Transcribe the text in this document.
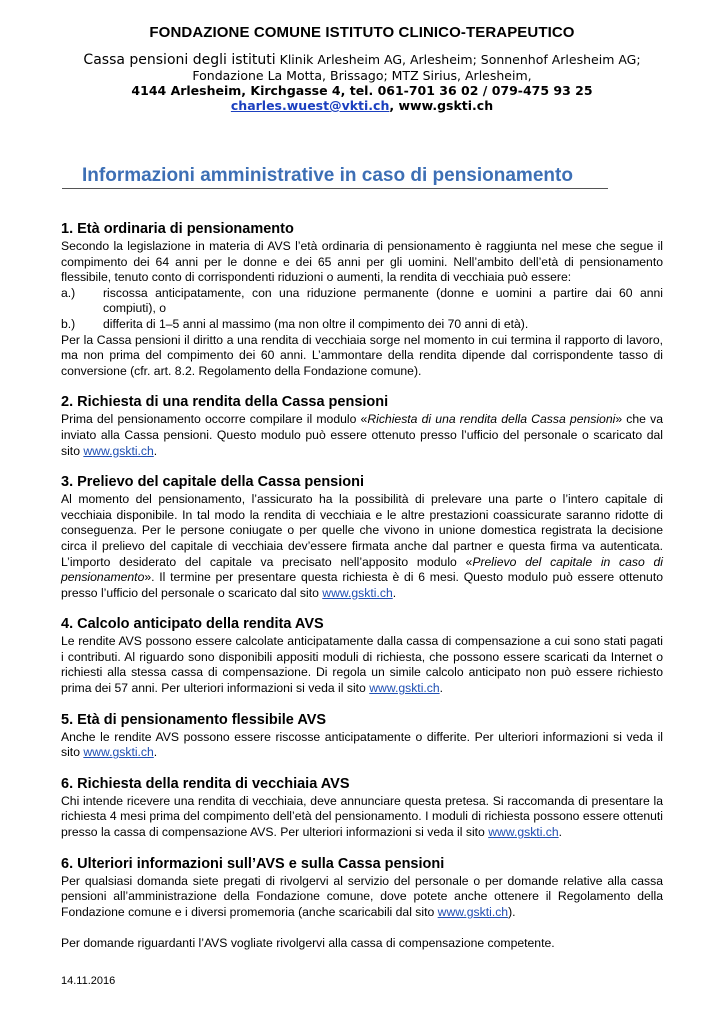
FONDAZIONE COMUNE ISTITUTO CLINICO-TERAPEUTICO
Cassa pensioni degli istituti Klinik Arlesheim AG, Arlesheim; Sonnenhof Arlesheim AG;
Fondazione La Motta, Brissago; MTZ Sirius, Arlesheim,
4144 Arlesheim, Kirchgasse 4, tel. 061-701 36 02 / 079-475 93 25
charles.wuest@vkti.ch, www.gskti.ch
Informazioni amministrative in caso di pensionamento
1. Età ordinaria di pensionamento

Secondo la legislazione in materia di AVS l’età ordinaria di pensionamento è raggiunta nel mese che segue il compimento dei 64 anni per le donne e dei 65 anni per gli uomini. Nell’ambito dell’età di pensionamento flessibile, tenuto conto di corrispondenti riduzioni o aumenti, la rendita di vecchiaia può essere:

a.)	riscossa anticipatamente, con una riduzione permanente (donne e uomini a partire dai 60 anni compiuti), o
b.)	differita di 1–5 anni al massimo (ma non oltre il compimento dei 70 anni di età).

Per la Cassa pensioni il diritto a una rendita di vecchiaia sorge nel momento in cui termina il rapporto di lavoro, ma non prima del compimento dei 60 anni. L’ammontare della rendita dipende dal corrispondente tasso di conversione (cfr. art. 8.2. Regolamento della Fondazione comune).

2. Richiesta di una rendita della Cassa pensioni

Prima del pensionamento occorre compilare il modulo «Richiesta di una rendita della Cassa pensioni» che va inviato alla Cassa pensioni. Questo modulo può essere ottenuto presso l’ufficio del personale o scaricato dal sito www.gskti.ch.

3. Prelievo del capitale della Cassa pensioni

Al momento del pensionamento, l’assicurato ha la possibilità di prelevare una parte o l’intero capitale di vecchiaia disponibile. In tal modo la rendita di vecchiaia e le altre prestazioni coassicurate saranno ridotte di conseguenza. Per le persone coniugate o per quelle che vivono in unione domestica registrata la decisione circa il prelievo del capitale di vecchiaia dev’essere firmata anche dal partner e questa firma va autenticata. L’importo desiderato del capitale va precisato nell’apposito modulo «Prelievo del capitale in caso di pensionamento». Il termine per presentare questa richiesta è di 6 mesi. Questo modulo può essere ottenuto presso l’ufficio del personale o scaricato dal sito www.gskti.ch.

4. Calcolo anticipato della rendita AVS

Le rendite AVS possono essere calcolate anticipatamente dalla cassa di compensazione a cui sono stati pagati i contributi. Al riguardo sono disponibili appositi moduli di richiesta, che possono essere scaricati da Internet o richiesti alla stessa cassa di compensazione. Di regola un simile calcolo anticipato non può essere richiesto prima dei 57 anni. Per ulteriori informazioni si veda il sito www.gskti.ch.

5. Età di pensionamento flessibile AVS

Anche le rendite AVS possono essere riscosse anticipatamente o differite. Per ulteriori informazioni si veda il sito www.gskti.ch.

6. Richiesta della rendita di vecchiaia AVS

Chi intende ricevere una rendita di vecchiaia, deve annunciare questa pretesa. Si raccomanda di presentare la richiesta 4 mesi prima del compimento dell’età del pensionamento. I moduli di richiesta possono essere ottenuti presso la cassa di compensazione AVS. Per ulteriori informazioni si veda il sito www.gskti.ch.

6. Ulteriori informazioni sull’AVS e sulla Cassa pensioni

Per qualsiasi domanda siete pregati di rivolgervi al servizio del personale o per domande relative alla cassa pensioni all’amministrazione della Fondazione comune, dove potete anche ottenere il Regolamento della Fondazione comune e i diversi promemoria (anche scaricabili dal sito www.gskti.ch).

Per domande riguardanti l’AVS vogliate rivolgervi alla cassa di compensazione competente.

14.11.2016
